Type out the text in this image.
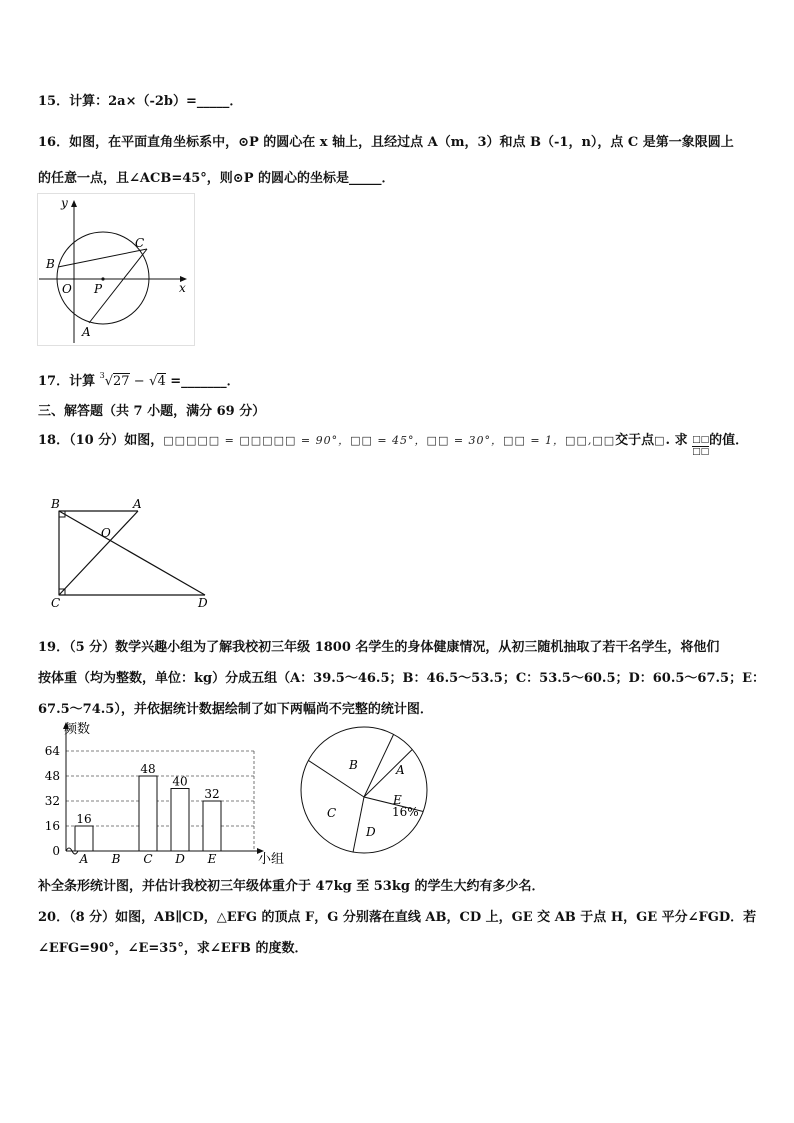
15．计算：2a×（-2b）=_____．
16．如图，在平面直角坐标系中，⊙P 的圆心在 x 轴上，且经过点 A（m，3）和点 B（-1，n），点 C 是第一象限圆上
的任意一点，且∠ACB=45°，则⊙P 的圆心的坐标是_____．
y
x
B
C
O P
A
17．计算 $^3$√27 − √4 =_______．
三、解答题（共 7 小题，满分 69 分）
18．（10 分）如图，□□□□□ = □□□□□ = 90°，□□ = 45°，□□ = 30°，□□ = 1，□□,□□交于点□. 求 □□
□□
的值．
B	A
O
C	D
19．（5 分）数学兴趣小组为了解我校初三年级 1800 名学生的身体健康情况，从初三随机抽取了若干名学生，将他们
按体重（均为整数，单位：kg）分成五组（A：39.5～46.5；B：46.5～53.5；C：53.5～60.5；D：60.5～67.5；E：
67.5～74.5），并依据统计数据绘制了如下两幅尚不完整的统计图．
0
16
32
48
64
16
A B
48
C
40
D
32
E
频数
小组
B	A
E
16%
D
C
补全条形统计图，并估计我校初三年级体重介于 47kg 至 53kg 的学生大约有多少名．
20．（8 分）如图，AB∥CD，△EFG 的顶点 F，G 分别落在直线 AB，CD 上，GE 交 AB 于点 H，GE 平分∠FGD．若
∠EFG=90°，∠E=35°，求∠EFB 的度数．
